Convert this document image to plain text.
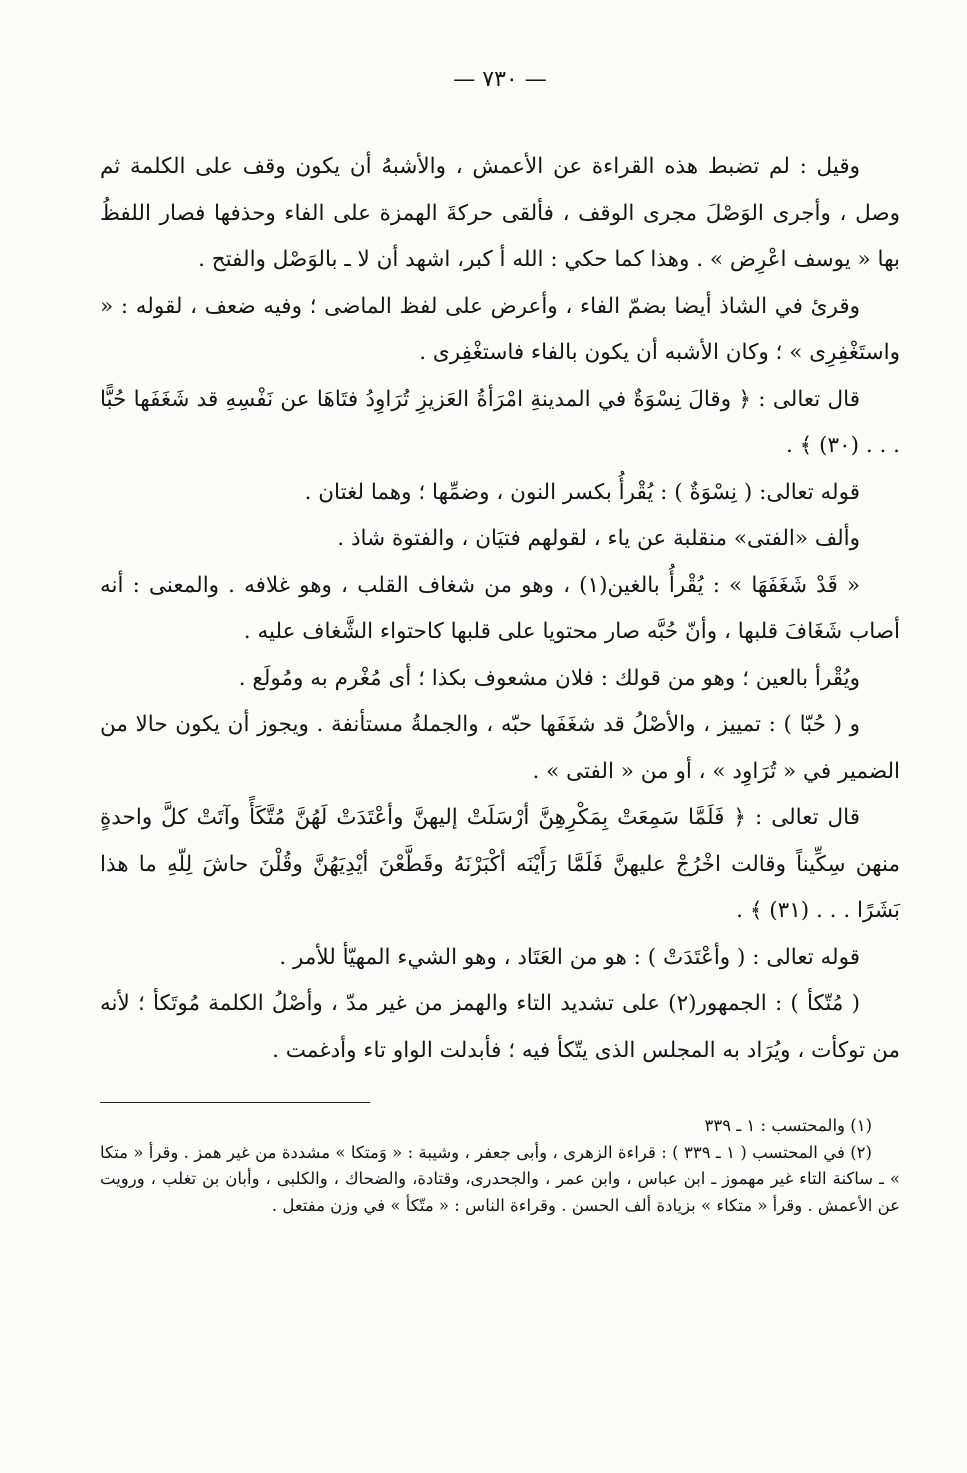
— ٧٣٠ —

وقيل : لم تضبط هذه القراءة عن الأعمش ، والأشبهُ أن يكون وقف على الكلمة ثم وصل ، وأجرى الوَصْلَ مجرى الوقف ، فألقى حركةَ الهمزة على الفاء وحذفها فصار اللفظُ بها « يوسف اعْرِض » . وهذا كما حكي : الله أ كبر، اشهد أن لا ـ بالوَصْل والفتح .

وقرئ في الشاذ أيضا بضمّ الفاء ، وأعرض على لفظ الماضى ؛ وفيه ضعف ، لقوله : « واستَغْفِرِى » ؛ وكان الأشبه أن يكون بالفاء فاستغْفِرى .

قال تعالى : ﴿ وقالَ نِسْوَةٌ في المدينةِ امْرَأةُ العَزيزِ تُرَاوِدُ فتَاهَا عن نَفْسِهِ قد شَغَفَها حُبًّا . . . (٣٠) ﴾ .

قوله تعالى: ( نِسْوَةٌ ) : يُقْرأُ بكسر النون ، وضمِّها ؛ وهما لغتان .

وألف «الفتى» منقلبة عن ياء ، لقولهم فتيَان ، والفتوة شاذ .

« قَدْ شَغَفَهَا » : يُقْرأُ بالغين(١) ، وهو من شغاف القلب ، وهو غلافه . والمعنى : أنه أصاب شَغَافَ قلبها ، وأنّ حُبَّه صار محتويا على قلبها كاحتواء الشَّغاف عليه .

ويُقْرأ بالعين ؛ وهو من قولك : فلان مشعوف بكذا ؛ أى مُغْرم به ومُولَع .

و ( حُبّا ) : تمييز ، والأصْلُ قد شغَفَها حبّه ، والجملةُ مستأنفة . ويجوز أن يكون حالا من الضمير في « تُرَاوِد » ، أو من « الفتى » .

قال تعالى : ﴿ فَلَمَّا سَمِعَتْ بِمَكْرِهِنَّ أرْسَلَتْ إليهنَّ وأعْتَدَتْ لَهُنَّ مُتَّكَأً وآتَتْ كلَّ واحدةٍ منهن سِكِّيناً وقالت اخْرُجْ عليهنَّ فَلَمَّا رَأَيْنَه أكْبَرْنَهُ وقَطَّعْنَ أيْدِيَهُنَّ وقُلْنَ حاشَ لِلّهِ ما هذا بَشَرًا . . . (٣١) ﴾ .

قوله تعالى : ( وأعْتَدَتْ ) : هو من العَتَاد ، وهو الشيء المهيّأ للأمر .

( مُتّكأ ) : الجمهور(٢) على تشديد التاء والهمز من غير مدّ ، وأصْلُ الكلمة مُوتَكأ ؛ لأنه من توكأت ، ويُرَاد به المجلس الذى يتّكأ فيه ؛ فأبدلت الواو تاء وأدغمت .

(١) والمحتسب : ١ ـ ٣٣٩

(٢) في المحتسب ( ١ ـ ٣٣٩ ) : قراءة الزهرى ، وأبى جعفر ، وشيبة : « وَمتكا » مشددة من غير همز . وقرأ « متكا » ـ ساكنة التاء غير مهموز ـ ابن عباس ، وابن عمر ، والجحدرى، وقتادة، والضحاك ، والكلبى ، وأبان بن تغلب ، ورويت عن الأعمش . وقرأ « متكاء » بزيادة ألف الحسن . وقراءة الناس : « متّكأ » في وزن مفتعل .
